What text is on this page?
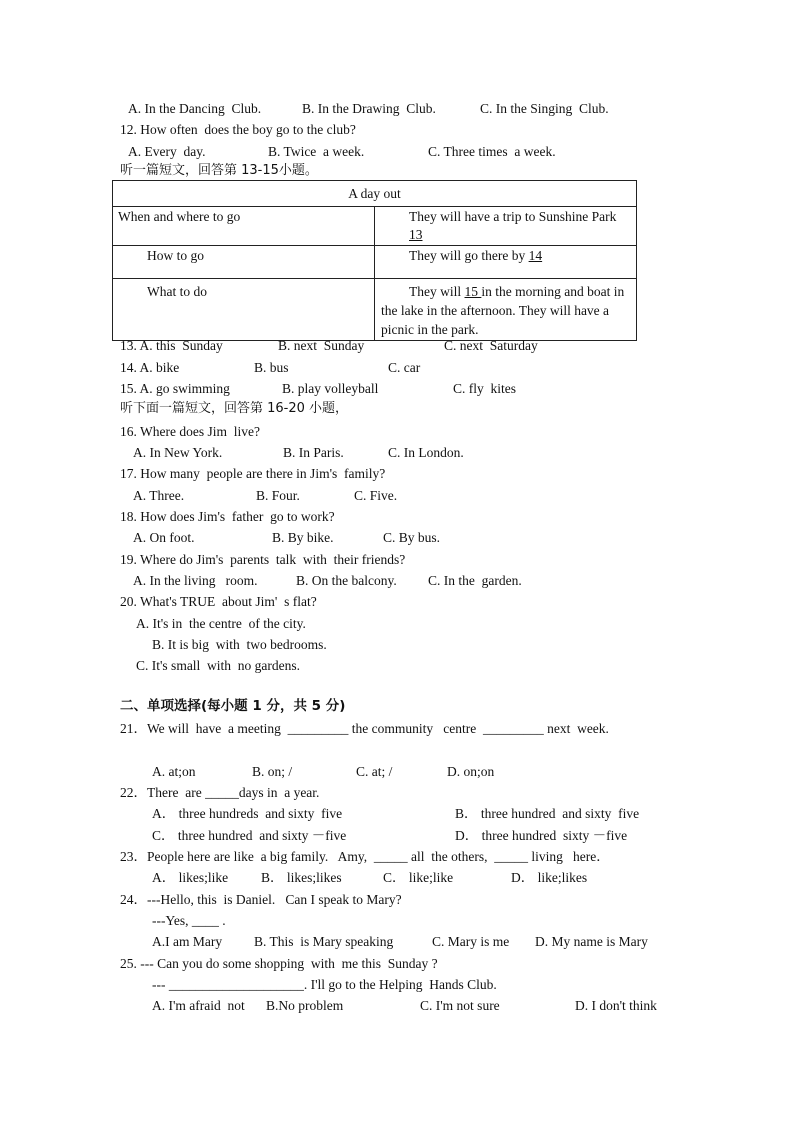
A. In the Dancing  Club.	B. In the Drawing  Club.	C. In the Singing  Club.
12. How often  does the boy go to the club?
A. Every  day.	B. Twice  a week.	C. Three times  a week.
听一篇短文，回答第 13-15小题。
A day out	
When and where to go	They will have a trip to Sunshine Park 13
How to go	They will go there by 14
What to do	They will 15 in the morning and boat in the lake in the afternoon. They will have a picnic in the park.
13. A. this  Sunday	B. next  Sunday	C. next  Saturday
14. A. bike	B. bus	C. car
15. A. go swimming	B. play volleyball	C. fly  kites
听下面一篇短文，回答第 16-20 小题，
16. Where does Jim  live?
A. In New York.	B. In Paris.	C. In London.
17. How many  people are there in Jim's  family?
A. Three.	B. Four.	C. Five.
18. How does Jim's  father  go to work?
A. On foot.	B. By bike.	C. By bus.
19. Where do Jim's  parents  talk  with  their friends?
A. In the living   room.	B. On the balcony. C. In the  garden.
20. What's TRUE  about Jim'  s flat?
A. It's in  the centre  of the city.
B. It is big  with  two bedrooms.
C. It's small  with  no gardens.
二、单项选择(每小题 1 分，共 5 分)
21．We will  have  a meeting  _________ the community   centre  _________ next  week.
A. at;on	B. on; /	C. at; /	D. on;on
22．There  are _____days in  a year.
A． three hundreds  and sixty  five	B． three hundred  and sixty  five
C． three hundred  and sixty －five	D． three hundred  sixty －five
23．People here are like  a big family.   Amy,  _____ all  the others,  _____ living   here．
A． likes;like B． likes;likes	C． like;like	D． like;likes
24．---Hello, this  is Daniel.   Can I speak to Mary?
---Yes, ____ .
A.I am Mary B. This  is Mary speaking	C. Mary is me D. My name is Mary
25. --- Can you do some shopping  with  me this  Sunday ?
--- ____________________. I'll go to the Helping  Hands Club.
A. I'm afraid  not B.No problem	C. I'm not sure	D. I don't think
